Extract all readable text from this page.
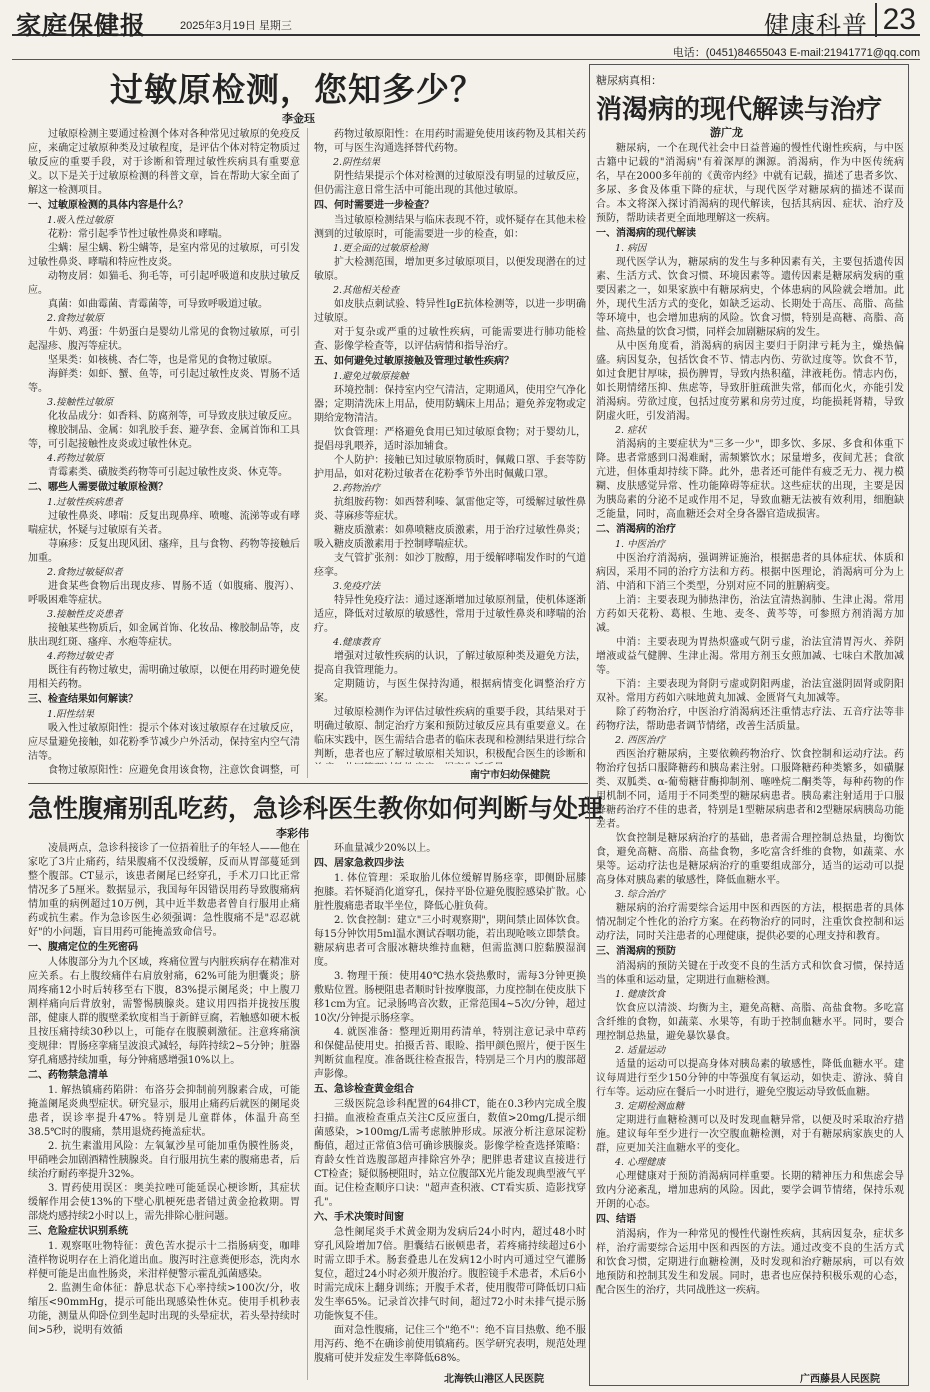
家庭保健报	2025年3月19日 星期三	健康科普 23
电话：(0451)84655043 E-mail:21941771@qq.com
过敏原检测，您知多少？
李金珏

过敏原检测主要通过检测个体对各种常见过敏原的免疫反应，来确定过敏原种类及过敏程度，是评估个体对特定物质过敏反应的重要手段，对于诊断和管理过敏性疾病具有重要意义。以下是关于过敏原检测的科普文章，旨在帮助大家全面了解这一检测项目。

一、过敏原检测的具体内容是什么？
1.吸入性过敏原

花粉：常引起季节性过敏性鼻炎和哮喘。

尘螨：屋尘螨、粉尘螨等，是室内常见的过敏原，可引发过敏性鼻炎、哮喘和特应性皮炎。

动物皮屑：如猫毛、狗毛等，可引起呼吸道和皮肤过敏反应。

真菌：如曲霉菌、青霉菌等，可导致呼吸道过敏。

2.食物过敏原

牛奶、鸡蛋：牛奶蛋白是婴幼儿常见的食物过敏原，可引起湿疹、腹泻等症状。

坚果类：如核桃、杏仁等，也是常见的食物过敏原。

海鲜类：如虾、蟹、鱼等，可引起过敏性皮炎、胃肠不适等。

3.接触性过敏原

化妆品成分：如香料、防腐剂等，可导致皮肤过敏反应。

橡胶制品、金属：如乳胶手套、避孕套、金属首饰和工具等，可引起接触性皮炎或过敏性休克。

4.药物过敏原

青霉素类、磺胺类药物等可引起过敏性皮炎、休克等。

二、哪些人需要做过敏原检测？
1.过敏性疾病患者

过敏性鼻炎、哮喘：反复出现鼻痒、喷嚏、流涕等或有哮喘症状，怀疑与过敏原有关者。

荨麻疹：反复出现风团、瘙痒，且与食物、药物等接触后加重。

2.食物过敏疑似者

进食某些食物后出现皮疹、胃肠不适（如腹痛、腹泻）、呼吸困难等症状。

3.接触性皮炎患者

接触某些物质后，如金属首饰、化妆品、橡胶制品等，皮肤出现红斑、瘙痒、水疱等症状。

4.药物过敏史者

既往有药物过敏史，需明确过敏原，以便在用药时避免使用相关药物。

三、检查结果如何解读？
1.阳性结果

吸入性过敏原阳性：提示个体对该过敏原存在过敏反应，应尽量避免接触，如花粉季节减少户外活动，保持室内空气清洁等。

食物过敏原阳性：应避免食用该食物，注意饮食调整，可

药物过敏原阳性：在用药时需避免使用该药物及其相关药物，可与医生沟通选择替代药物。

2.阴性结果

阴性结果提示个体对检测的过敏原没有明显的过敏反应，但仍需注意日常生活中可能出现的其他过敏原。

四、何时需要进一步检查？

当过敏原检测结果与临床表现不符，或怀疑存在其他未检测到的过敏原时，可能需要进一步的检查，如：

1.更全面的过敏原检测

扩大检测范围，增加更多过敏原项目，以便发现潜在的过敏原。

2.其他相关检查

如皮肤点刺试验、特异性IgE抗体检测等，以进一步明确过敏原。

对于复杂或严重的过敏性疾病，可能需要进行肺功能检查、影像学检查等，以评估病情和指导治疗。

五、如何避免过敏原接触及管理过敏性疾病？
1.避免过敏原接触

环境控制：保持室内空气清洁，定期通风，使用空气净化器；定期清洗床上用品，使用防螨床上用品；避免养宠物或定期给宠物清洁。

饮食管理：严格避免食用已知过敏原食物；对于婴幼儿，提倡母乳喂养，适时添加辅食。

个人防护：接触已知过敏原物质时，佩戴口罩、手套等防护用品，如对花粉过敏者在花粉季节外出时佩戴口罩。

2.药物治疗

抗组胺药物：如西替利嗪、氯雷他定等，可缓解过敏性鼻炎、荨麻疹等症状。

糖皮质激素：如鼻喷糖皮质激素，用于治疗过敏性鼻炎；吸入糖皮质激素用于控制哮喘症状。

支气管扩张剂：如沙丁胺醇，用于缓解哮喘发作时的气道痉挛。

3.免疫疗法

特异性免疫疗法：通过逐渐增加过敏原剂量，使机体逐渐适应，降低对过敏原的敏感性，常用于过敏性鼻炎和哮喘的治疗。

4.健康教育

增强对过敏性疾病的认识，了解过敏原种类及避免方法，提高自我管理能力。

定期随访，与医生保持沟通，根据病情变化调整治疗方案。

过敏原检测作为评估过敏性疾病的重要手段，其结果对于明确过敏原、制定治疗方案和预防过敏反应具有重要意义。在临床实践中，医生需结合患者的临床表现和检测结果进行综合判断，患者也应了解过敏原相关知识，积极配合医生的诊断和

南宁市妇幼保健院
急性腹痛别乱吃药，急诊科医生教你如何判断与处理
李彩伟

凌晨两点，急诊科接诊了一位捂着肚子的年轻人——他在家吃了3片止痛药，结果腹痛不仅没缓解，反而从胃部蔓延到整个腹部。CT显示，该患者阑尾已经穿孔，手术刀口比正常情况多了5厘米。数据显示，我国每年因错误用药导致腹痛病情加重的病例超过10万例，其中近半数患者曾自行服用止痛药或抗生素。作为急诊医生必须强调：急性腹痛不是"忍忍就好"的小问题，盲目用药可能掩盖致命信号。

一、腹痛定位的生死密码

人体腹部分为九个区域，疼痛位置与内脏疾病存在精准对应关系。右上腹绞痛伴右肩放射痛，62%可能为胆囊炎；脐周疼痛12小时后转移至右下腹，83%提示阑尾炎；中上腹刀割样痛向后背放射，需警惕胰腺炎。建议用四指并拢按压腹部，健康人群的腹壁柔软度相当于新鲜豆腐，若触感如硬木板且按压痛持续30秒以上，可能存在腹膜刺激征。注意疼痛演变规律：胃肠痉挛痛呈波浪式减轻，每阵持续2~5分钟；脏器穿孔痛感持续加重，每分钟痛感增强10%以上。

二、药物禁急清单

1. 解热镇痛药陷阱：布洛芬会抑制前列腺素合成，可能掩盖阑尾炎典型症状。研究显示，服用止痛药后就医的阑尾炎患者，误诊率提升47%。特别是儿童群体，体温升高至38.5℃时的腹痛，禁用退烧药掩盖症状。

2. 抗生素滥用风险：左氧氟沙星可能加重伪膜性肠炎，甲硝唑会加剧酒精性胰腺炎。自行服用抗生素的腹痛患者，后续治疗耐药率提升32%。

3. 胃药使用误区：奥美拉唑可能延误心梗诊断，其症状缓解作用会使13%的下壁心肌梗死患者错过黄金抢救期。胃部烧灼感持续2小时以上，需先排除心脏问题。

三、危险症状识别系统

1. 观察呕吐物特征：黄色苦水提示十二指肠病变，咖啡渣样物说明存在上消化道出血。腹泻时注意粪便形态，洗肉水样便可能是出血性肠炎，米泔样便警示霍乱弧菌感染。

2. 监测生命体征：静息状态下心率持续>100次/分，收缩压<90mmHg，提示可能出现感染性休克。使用手机秒表功能，测量从仰卧位到坐起时出现的头晕症状，若头晕持续时间>5秒，说明有效循

环血量减少20%以上。

四、居家急救四步法

1. 体位管理：采取胎儿体位缓解胃肠痉挛，即侧卧屈膝抱膝。若怀疑消化道穿孔，保持平卧位避免腹腔感染扩散。心脏性腹痛患者取半坐位，降低心脏负荷。

2. 饮食控制：建立"三小时观察期"，期间禁止固体饮食。每15分钟饮用5ml温水测试吞咽功能，若出现呛咳立即禁食。糖尿病患者可含服冰糖块维持血糖，但需监测口腔黏膜湿润度。

3. 物理干预：使用40℃热水袋热敷时，需每3分钟更换敷贴位置。肠梗阻患者顺时针按摩腹部，力度控制在使皮肤下移1cm为宜。记录肠鸣音次数，正常范围4~5次/分钟，超过10次/分钟提示肠痉挛。

4. 就医准备：整理近期用药清单，特别注意记录中草药和保健品使用史。拍摄舌苔、眼睑、指甲颜色照片，便于医生判断贫血程度。准备既往检查报告，特别是三个月内的腹部超声影像。

五、急诊检查黄金组合

三级医院急诊科配置的64排CT，能在0.3秒内完成全腹扫描。血液检查重点关注C反应蛋白，数值>20mg/L提示细菌感染，>100mg/L需考虑脓肿形成。尿液分析注意尿淀粉酶值，超过正常值3倍可确诊胰腺炎。影像学检查选择策略：育龄女性首选腹部超声排除宫外孕；肥胖患者建议直接进行CT检查；疑似肠梗阻时，站立位腹部X光片能发现典型液气平面。记住检查顺序口诀："超声查积液、CT看实质、造影找穿孔"。

六、手术决策时间窗

急性阑尾炎手术黄金期为发病后24小时内，超过48小时穿孔风险增加7倍。胆囊结石嵌顿患者，若疼痛持续超过6小时需立即手术。肠套叠患儿在发病12小时内可通过空气灌肠复位，超过24小时必须开腹治疗。腹腔镜手术患者，术后6小时需完成床上翻身训练；开腹手术者，使用腹带可降低切口疝发生率65%。记录首次排气时间，超过72小时未排气提示肠功能恢复不佳。

面对急性腹痛，记住三个"绝不"：绝不盲目热敷、绝不服用泻药、绝不在确诊前使用镇痛药。医学研究表明，规范处理腹痛可使并发症发生率降低68%。

北海铁山港区人民医院
糖尿病真相：
消渴病的现代解读与治疗
游广龙

糖尿病，一个在现代社会中日益普遍的慢性代谢性疾病，与中医古籍中记载的"消渴病"有着深厚的渊源。消渴病，作为中医传统病名，早在2000多年前的《黄帝内经》中就有记载，描述了患者多饮、多尿、多食及体重下降的症状，与现代医学对糖尿病的描述不谋而合。本文将深入探讨消渴病的现代解读，包括其病因、症状、治疗及预防，帮助读者更全面地理解这一疾病。

一、消渴病的现代解读
1. 病因

现代医学认为，糖尿病的发生与多种因素有关，主要包括遗传因素、生活方式、饮食习惯、环境因素等。遗传因素是糖尿病发病的重要因素之一，如果家族中有糖尿病史，个体患病的风险就会增加。此外，现代生活方式的变化，如缺乏运动、长期处于高压、高脂、高盐等环境中，也会增加患病的风险。饮食习惯，特别是高糖、高脂、高盐、高热量的饮食习惯，同样会加剧糖尿病的发生。

从中医角度看，消渴病的病因主要归于阴津亏耗为主，燥热偏盛。病因复杂，包括饮食不节、情志内伤、劳欲过度等。饮食不节，如过食肥甘厚味，损伤脾胃，导致内热积蕴，津液耗伤。情志内伤，如长期情绪压抑、焦虑等，导致肝脏疏泄失常，郁而化火，亦能引发消渴病。劳欲过度，包括过度劳累和房劳过度，均能损耗肾精，导致阴虚火旺，引发消渴。

2. 症状

消渴病的主要症状为"三多一少"，即多饮、多尿、多食和体重下降。患者常感到口渴难耐，需频繁饮水；尿量增多，夜间尤甚；食欲亢进，但体重却持续下降。此外，患者还可能伴有疲乏无力、视力模糊、皮肤感觉异常、性功能障碍等症状。这些症状的出现，主要是因为胰岛素的分泌不足或作用不足，导致血糖无法被有效利用，细胞缺乏能量，同时，高血糖还会对全身各器官造成损害。

二、消渴病的治疗
1. 中医治疗

中医治疗消渴病，强调辨证施治，根据患者的具体症状、体质和病因，采用不同的治疗方法和方药。根据中医理论，消渴病可分为上消、中消和下消三个类型，分别对应不同的脏腑病变。

上消：主要表现为肺热津伤，治法宜清热润肺、生津止渴。常用方药如天花粉、葛根、生地、麦冬、黄芩等，可参照方剂消渴方加减。

中消：主要表现为胃热炽盛或气阴亏虚，治法宜清胃泻火、养阴增液或益气健脾、生津止渴。常用方剂玉女煎加减、七味白术散加减等。

下消：主要表现为肾阴亏虚或阴阳两虚，治法宜滋阴固肾或阴阳双补。常用方药如六味地黄丸加减、金匮肾气丸加减等。

除了药物治疗，中医治疗消渴病还注重情志疗法、五音疗法等非药物疗法，帮助患者调节情绪，改善生活质量。

2. 西医治疗

西医治疗糖尿病，主要依赖药物治疗、饮食控制和运动疗法。药物治疗包括口服降糖药和胰岛素注射。口服降糖药种类繁多，如磺脲类、双胍类、α-葡萄糖苷酶抑制剂、噻唑烷二酮类等，每种药物的作用机制不同，适用于不同类型的糖尿病患者。胰岛素注射适用于口服降糖药治疗不佳的患者，特别是1型糖尿病患者和2型糖尿病胰岛功能差者。

饮食控制是糖尿病治疗的基础，患者需合理控制总热量，均衡饮食，避免高糖、高脂、高盐食物，多吃富含纤维的食物，如蔬菜、水果等。运动疗法也是糖尿病治疗的重要组成部分，适当的运动可以提高身体对胰岛素的敏感性，降低血糖水平。

3. 综合治疗

糖尿病的治疗需要综合运用中医和西医的方法，根据患者的具体情况制定个性化的治疗方案。在药物治疗的同时，注重饮食控制和运动疗法，同时关注患者的心理健康，提供必要的心理支持和教育。

三、消渴病的预防

消渴病的预防关键在于改变不良的生活方式和饮食习惯，保持适当的体重和运动量，定期进行血糖检测。

1. 健康饮食

饮食应以清淡、均衡为主，避免高糖、高脂、高盐食物。多吃富含纤维的食物，如蔬菜、水果等，有助于控制血糖水平。同时，要合理控制总热量，避免暴饮暴食。

2. 适量运动

适量的运动可以提高身体对胰岛素的敏感性，降低血糖水平。建议每周进行至少150分钟的中等强度有氧运动，如快走、游泳、骑自行车等。运动应在餐后一小时进行，避免空腹运动导致低血糖。

3. 定期检测血糖

定期进行血糖检测可以及时发现血糖异常，以便及时采取治疗措施。建议每年至少进行一次空腹血糖检测，对于有糖尿病家族史的人群，应更加关注血糖水平的变化。

4. 心理健康

心理健康对于预防消渴病同样重要。长期的精神压力和焦虑会导致内分泌紊乱，增加患病的风险。因此，要学会调节情绪，保持乐观开朗的心态。

四、结语

消渴病，作为一种常见的慢性代谢性疾病，其病因复杂，症状多样，治疗需要综合运用中医和西医的方法。通过改变不良的生活方式和饮食习惯，定期进行血糖检测，及时发现和治疗糖尿病，可以有效地预防和控制其发生和发展。同时，患者也应保持积极乐观的心态，配合医生的治疗，共同战胜这一疾病。

广西藤县人民医院
